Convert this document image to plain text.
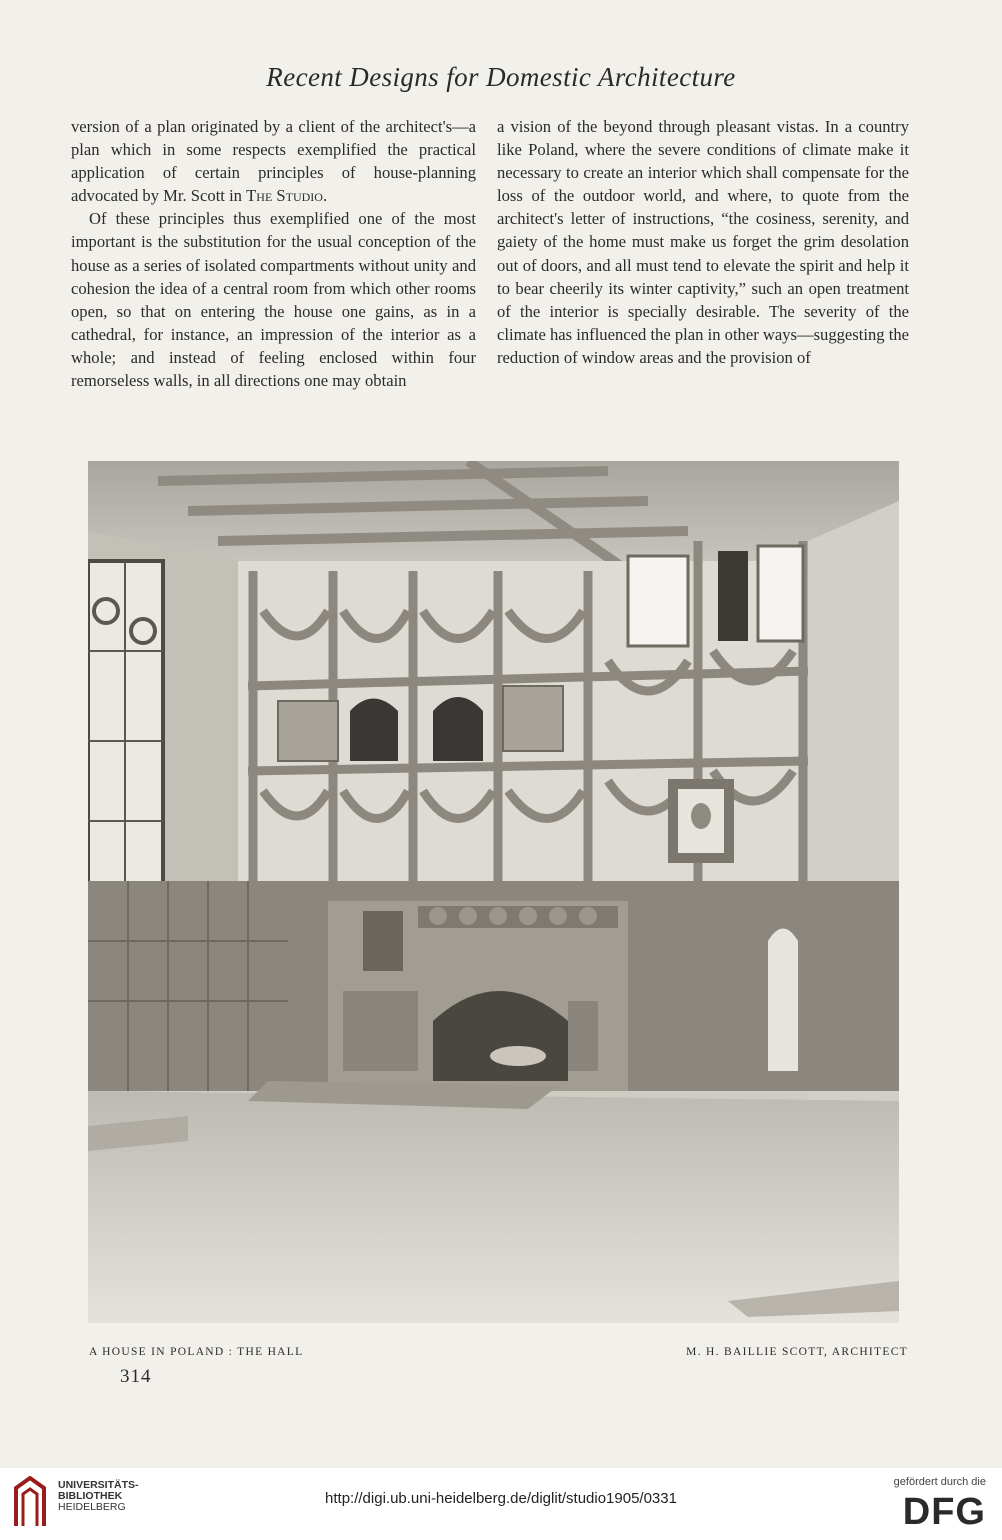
Recent Designs for Domestic Architecture

version of a plan originated by a client of the architect's—a plan which in some respects exemplified the practical application of certain principles of house-planning advocated by Mr. Scott in The Studio.

Of these principles thus exemplified one of the most important is the substitution for the usual conception of the house as a series of isolated compartments without unity and cohesion the idea of a central room from which other rooms open, so that on entering the house one gains, as in a cathedral, for instance, an impression of the interior as a whole; and instead of feeling enclosed within four remorseless walls, in all directions one may obtain

a vision of the beyond through pleasant vistas. In a country like Poland, where the severe conditions of climate make it necessary to create an interior which shall compensate for the loss of the outdoor world, and where, to quote from the architect's letter of instructions, “the cosiness, serenity, and gaiety of the home must make us forget the grim desolation out of doors, and all must tend to elevate the spirit and help it to bear cheerily its winter captivity,” such an open treatment of the interior is specially desirable. The severity of the climate has influenced the plan in other ways—suggesting the reduction of window areas and the provision of

A HOUSE IN POLAND : THE HALL	M. H. BAILLIE SCOTT, ARCHITECT
314
UNIVERSITÄTS-
BIBLIOTHEK
HEIDELBERG	http://digi.ub.uni-heidelberg.de/diglit/studio1905/0331
gefördert durch die
DFG
